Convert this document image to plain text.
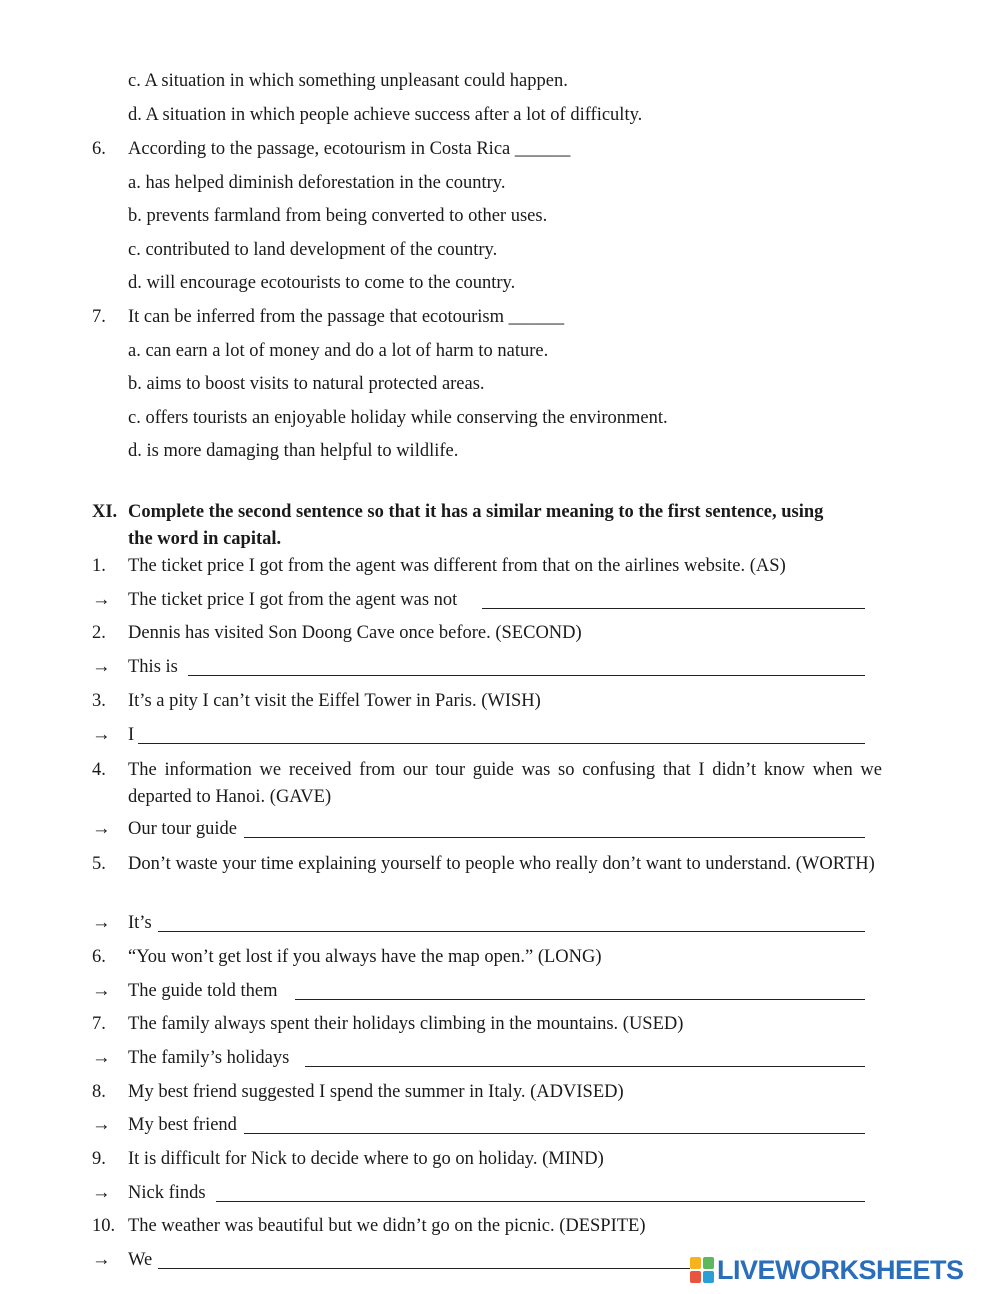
c. A situation in which something unpleasant could happen.
d. A situation in which people achieve success after a lot of difficulty.
6. According to the passage, ecotourism in Costa Rica ______
a. has helped diminish deforestation in the country.
b. prevents farmland from being converted to other uses.
c. contributed to land development of the country.
d. will encourage ecotourists to come to the country.
7. It can be inferred from the passage that ecotourism ______
a. can earn a lot of money and do a lot of harm to nature.
b. aims to boost visits to natural protected areas.
c. offers tourists an enjoyable holiday while conserving the environment.
d. is more damaging than helpful to wildlife.
XI. Complete the second sentence so that it has a similar meaning to the first sentence, using
the word in capital.
1. The ticket price I got from the agent was different from that on the airlines website. (AS)
→ The ticket price I got from the agent was not
2. Dennis has visited Son Doong Cave once before. (SECOND)
→ This is
3. It’s a pity I can’t visit the Eiffel Tower in Paris. (WISH)
→ I
4. The information we received from our tour guide was so confusing that I didn’t know when we departed to Hanoi. (GAVE)
→ Our tour guide
5. Don’t waste your time explaining yourself to people who really don’t want to understand. (WORTH)
→ It’s
6. “You won’t get lost if you always have the map open.” (LONG)
→ The guide told them
7. The family always spent their holidays climbing in the mountains. (USED)
→ The family’s holidays
8. My best friend suggested I spend the summer in Italy. (ADVISED)
→ My best friend
9. It is difficult for Nick to decide where to go on holiday. (MIND)
→ Nick finds
10. The weather was beautiful but we didn’t go on the picnic. (DESPITE)
→ We	LIVEWORKSHEETS
